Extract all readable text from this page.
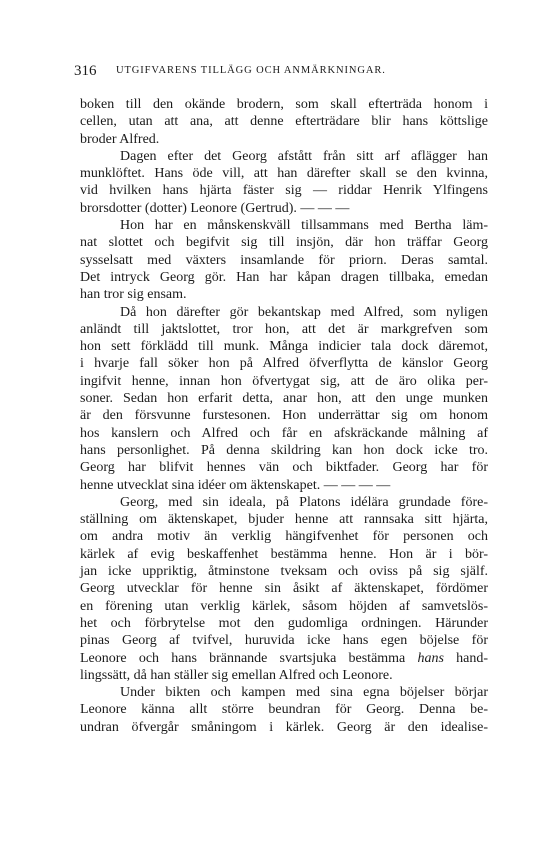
316 UTGIFVARENS TILLÄGG OCH ANMÄRKNINGAR.
boken till den okände brodern, som skall efterträda honom i
cellen, utan att ana, att denne efterträdare blir hans köttslige
broder Alfred.
Dagen efter det Georg afstått från sitt arf aflägger han
munklöftet. Hans öde vill, att han därefter skall se den kvinna,
vid hvilken hans hjärta fäster sig — riddar Henrik Ylfingens
brorsdotter (dotter) Leonore (Gertrud). — — —
Hon har en månskenskväll tillsammans med Bertha läm-
nat slottet och begifvit sig till insjön, där hon träffar Georg
sysselsatt med växters insamlande för priorn. Deras samtal.
Det intryck Georg gör. Han har kåpan dragen tillbaka, emedan
han tror sig ensam.
Då hon därefter gör bekantskap med Alfred, som nyligen
anländt till jaktslottet, tror hon, att det är markgrefven som
hon sett förklädd till munk. Många indicier tala dock däremot,
i hvarje fall söker hon på Alfred öfverflytta de känslor Georg
ingifvit henne, innan hon öfvertygat sig, att de äro olika per-
soner. Sedan hon erfarit detta, anar hon, att den unge munken
är den försvunne furstesonen. Hon underrättar sig om honom
hos kanslern och Alfred och får en afskräckande målning af
hans personlighet. På denna skildring kan hon dock icke tro.
Georg har blifvit hennes vän och biktfader. Georg har för
henne utvecklat sina idéer om äktenskapet. — — — —
Georg, med sin ideala, på Platons idélära grundade före-
ställning om äktenskapet, bjuder henne att rannsaka sitt hjärta,
om andra motiv än verklig hängifvenhet för personen och
kärlek af evig beskaffenhet bestämma henne. Hon är i bör-
jan icke uppriktig, åtminstone tveksam och oviss på sig själf.
Georg utvecklar för henne sin åsikt af äktenskapet, fördömer
en förening utan verklig kärlek, såsom höjden af samvetslös-
het och förbrytelse mot den gudomliga ordningen. Härunder
pinas Georg af tvifvel, huruvida icke hans egen böjelse för
Leonore och hans brännande svartsjuka bestämma hans hand-
lingssätt, då han ställer sig emellan Alfred och Leonore.
Under bikten och kampen med sina egna böjelser börjar
Leonore känna allt större beundran för Georg. Denna be-
undran öfvergår småningom i kärlek. Georg är den idealise-
